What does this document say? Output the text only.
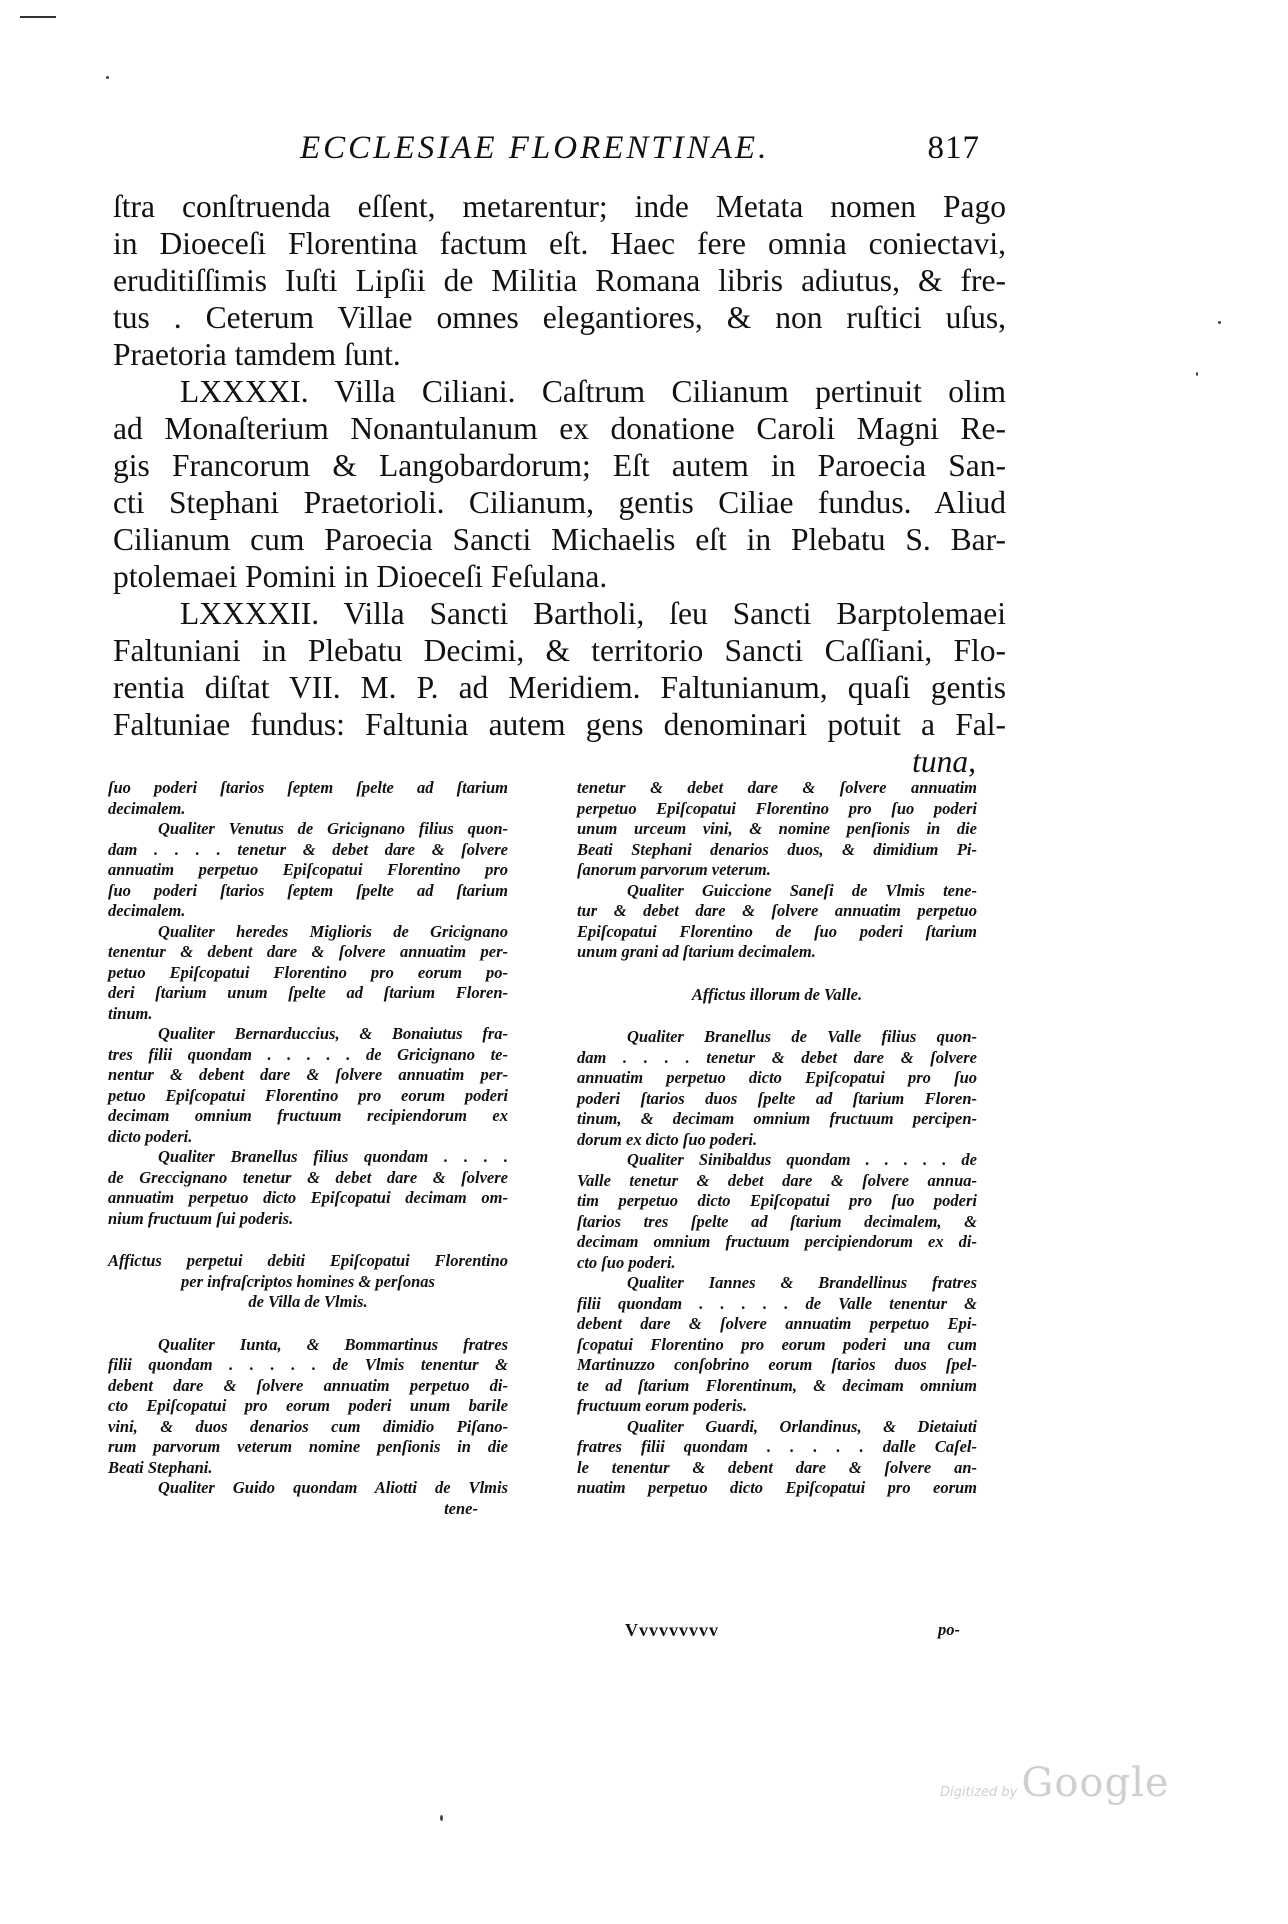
ECCLESIAE FLORENTINAE.	817
ſtra conſtruenda eſſent, metarentur; inde Metata nomen Pago
in Dioeceſi Florentina factum eſt. Haec fere omnia coniectavi,
eruditiſſimis Iuſti Lipſii de Militia Romana libris adiutus, & fre-
tus . Ceterum Villae omnes elegantiores, & non ruſtici uſus,
Praetoria tamdem ſunt.
LXXXXI. Villa Ciliani. Caſtrum Cilianum pertinuit olim
ad Monaſterium Nonantulanum ex donatione Caroli Magni Re-
gis Francorum & Langobardorum; Eſt autem in Paroecia San-
cti Stephani Praetorioli. Cilianum, gentis Ciliae fundus. Aliud
Cilianum cum Paroecia Sancti Michaelis eſt in Plebatu S. Bar-
ptolemaei Pomini in Dioeceſi Feſulana.
LXXXXII. Villa Sancti Bartholi, ſeu Sancti Barptolemaei
Faltuniani in Plebatu Decimi, & territorio Sancti Caſſiani, Flo-
rentia diſtat VII. M. P. ad Meridiem. Faltunianum, quaſi gentis
Faltuniae fundus: Faltunia autem gens denominari potuit a Fal-
tuna,
ſuo poderi ſtarios ſeptem ſpelte ad ſtarium
decimalem.
Qualiter Venutus de Gricignano filius quon-
dam . . . . tenetur & debet dare & ſolvere
annuatim perpetuo Epiſcopatui Florentino pro
ſuo poderi ſtarios ſeptem ſpelte ad ſtarium
decimalem.
Qualiter heredes Miglioris de Gricignano
tenentur & debent dare & ſolvere annuatim per-
petuo Epiſcopatui Florentino pro eorum po-
deri ſtarium unum ſpelte ad ſtarium Floren-
tinum.
Qualiter Bernarduccius, & Bonaiutus fra-
tres filii quondam . . . . . de Gricignano te-
nentur & debent dare & ſolvere annuatim per-
petuo Epiſcopatui Florentino pro eorum poderi
decimam omnium fructuum recipiendorum ex
dicto poderi.
Qualiter Branellus filius quondam . . . .
de Greccignano tenetur & debet dare & ſolvere
annuatim perpetuo dicto Epiſcopatui decimam om-
nium fructuum ſui poderis.
Affictus perpetui debiti Epiſcopatui Florentino
per infraſcriptos homines & perſonas
de Villa de Vlmis.
Qualiter Iunta, & Bommartinus fratres
filii quondam . . . . . de Vlmis tenentur &
debent dare & ſolvere annuatim perpetuo di-
cto Epiſcopatui pro eorum poderi unum barile
vini, & duos denarios cum dimidio Piſano-
rum parvorum veterum nomine penſionis in die
Beati Stephani.
Qualiter Guido quondam Aliotti de Vlmis
tene-
tenetur & debet dare & ſolvere annuatim
perpetuo Epiſcopatui Florentino pro ſuo poderi
unum urceum vini, & nomine penſionis in die
Beati Stephani denarios duos, & dimidium Pi-
ſanorum parvorum veterum.
Qualiter Guiccione Saneſi de Vlmis tene-
tur & debet dare & ſolvere annuatim perpetuo
Epiſcopatui Florentino de ſuo poderi ſtarium
unum grani ad ſtarium decimalem.
Affictus illorum de Valle.
Qualiter Branellus de Valle filius quon-
dam . . . . tenetur & debet dare & ſolvere
annuatim perpetuo dicto Epiſcopatui pro ſuo
poderi ſtarios duos ſpelte ad ſtarium Floren-
tinum, & decimam omnium fructuum percipen-
dorum ex dicto ſuo poderi.
Qualiter Sinibaldus quondam . . . . . de
Valle tenetur & debet dare & ſolvere annua-
tim perpetuo dicto Epiſcopatui pro ſuo poderi
ſtarios tres ſpelte ad ſtarium decimalem, &
decimam omnium fructuum percipiendorum ex di-
cto ſuo poderi.
Qualiter Iannes & Brandellinus fratres
filii quondam . . . . . de Valle tenentur &
debent dare & ſolvere annuatim perpetuo Epi-
ſcopatui Florentino pro eorum poderi una cum
Martinuzzo conſobrino eorum ſtarios duos ſpel-
te ad ſtarium Florentinum, & decimam omnium
fructuum eorum poderis.
Qualiter Guardi, Orlandinus, & Dietaiuti
fratres filii quondam . . . . . dalle Caſel-
le tenentur & debent dare & ſolvere an-
nuatim perpetuo dicto Epiſcopatui pro eorum
Vvvvvvvvv	po-
Digitized by Google
